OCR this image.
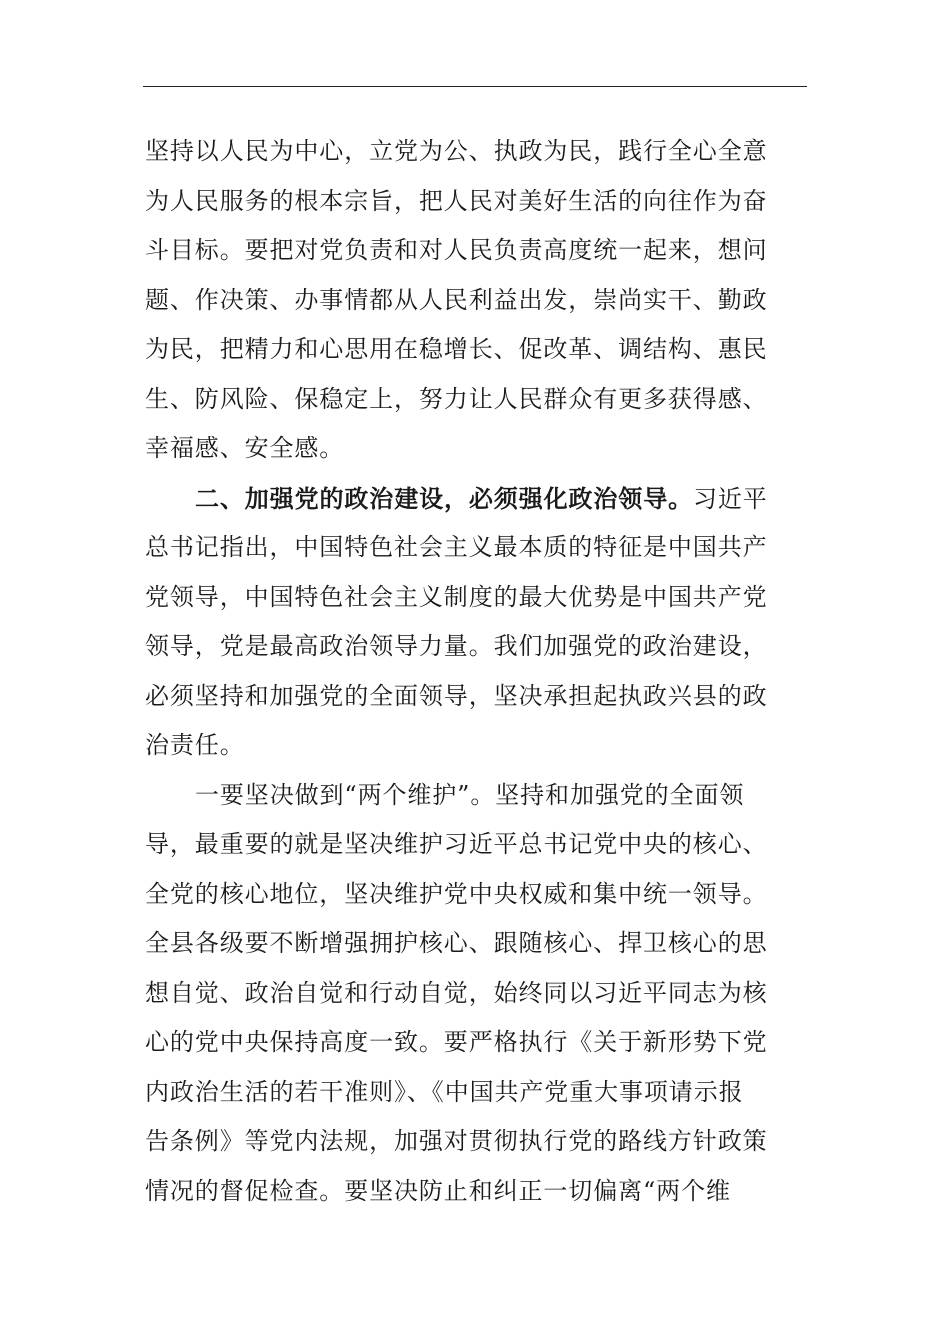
坚持以人民为中心，立党为公、执政为民，践行全心全意
为人民服务的根本宗旨，把人民对美好生活的向往作为奋
斗目标。要把对党负责和对人民负责高度统一起来，想问
题、作决策、办事情都从人民利益出发，崇尚实干、勤政
为民，把精力和心思用在稳增长、促改革、调结构、惠民
生、防风险、保稳定上，努力让人民群众有更多获得感、
幸福感、安全感。
二、加强党的政治建设，必须强化政治领导。习近平
总书记指出，中国特色社会主义最本质的特征是中国共产
党领导，中国特色社会主义制度的最大优势是中国共产党
领导，党是最高政治领导力量。我们加强党的政治建设，
必须坚持和加强党的全面领导，坚决承担起执政兴县的政
治责任。
一要坚决做到“两个维护”。坚持和加强党的全面领
导，最重要的就是坚决维护习近平总书记党中央的核心、
全党的核心地位，坚决维护党中央权威和集中统一领导。
全县各级要不断增强拥护核心、跟随核心、捍卫核心的思
想自觉、政治自觉和行动自觉，始终同以习近平同志为核
心的党中央保持高度一致。要严格执行《关于新形势下党
内政治生活的若干准则》、《中国共产党重大事项请示报
告条例》等党内法规，加强对贯彻执行党的路线方针政策
情况的督促检查。要坚决防止和纠正一切偏离“两个维
